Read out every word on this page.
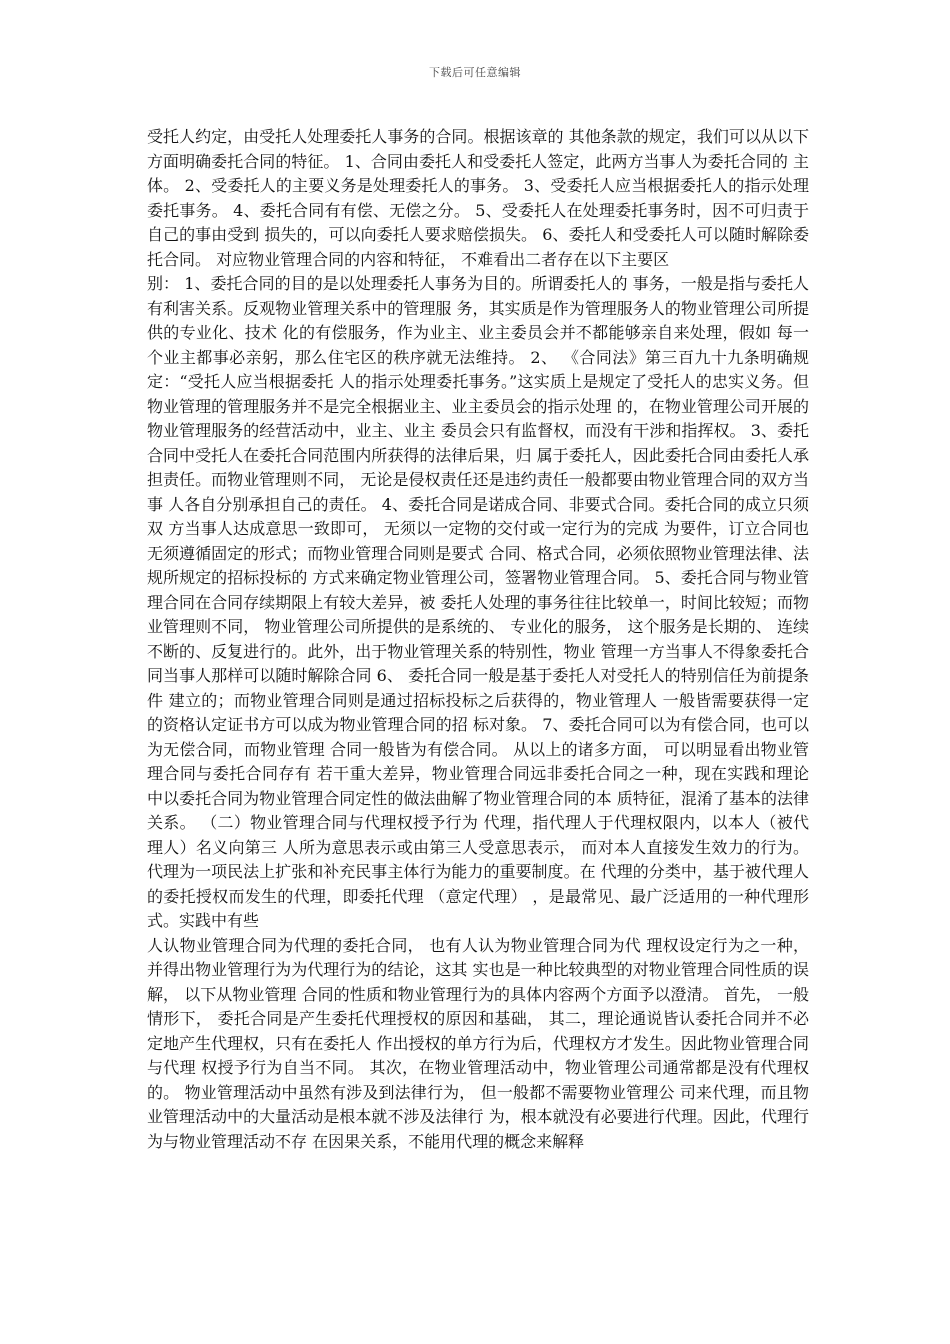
下载后可任意编辑

受托人约定，由受托人处理委托人事务的合同。根据该章的 其他条款的规定，我们可以从以下方面明确委托合同的特征。 1、合同由委托人和受委托人签定，此两方当事人为委托合同的 主体。 2、受委托人的主要义务是处理委托人的事务。 3、受委托人应当根据委托人的指示处理委托事务。 4、委托合同有有偿、无偿之分。 5、受委托人在处理委托事务时，因不可归责于自己的事由受到 损失的，可以向委托人要求赔偿损失。 6、委托人和受委托人可以随时解除委托合同。 对应物业管理合同的内容和特征， 不难看出二者存在以下主要区

别： 1、委托合同的目的是以处理委托人事务为目的。所谓委托人的 事务，一般是指与委托人有利害关系。反观物业管理关系中的管理服 务，其实质是作为管理服务人的物业管理公司所提供的专业化、技术 化的有偿服务，作为业主、业主委员会并不都能够亲自来处理，假如 每一个业主都事必亲躬，那么住宅区的秩序就无法维持。 2、 《合同法》第三百九十九条明确规定：“受托人应当根据委托 人的指示处理委托事务。”这实质上是规定了受托人的忠实义务。但 物业管理的管理服务并不是完全根据业主、业主委员会的指示处理 的，在物业管理公司开展的物业管理服务的经营活动中，业主、业主 委员会只有监督权，而没有干涉和指挥权。 3、委托合同中受托人在委托合同范围内所获得的法律后果，归 属于委托人，因此委托合同由委托人承担责任。而物业管理则不同， 无论是侵权责任还是违约责任一般都要由物业管理合同的双方当事 人各自分别承担自己的责任。 4、委托合同是诺成合同、非要式合同。委托合同的成立只须双 方当事人达成意思一致即可， 无须以一定物的交付或一定行为的完成 为要件，订立合同也无须遵循固定的形式；而物业管理合同则是要式 合同、格式合同，必须依照物业管理法律、法规所规定的招标投标的 方式来确定物业管理公司，签署物业管理合同。 5、委托合同与物业管理合同在合同存续期限上有较大差异，被 委托人处理的事务往往比较单一，时间比较短；而物业管理则不同， 物业管理公司所提供的是系统的、 专业化的服务， 这个服务是长期的、 连续不断的、反复进行的。此外，出于物业管理关系的特别性，物业 管理一方当事人不得象委托合同当事人那样可以随时解除合同 6、 委托合同一般是基于委托人对受托人的特别信任为前提条件 建立的；而物业管理合同则是通过招标投标之后获得的，物业管理人 一般皆需要获得一定的资格认定证书方可以成为物业管理合同的招 标对象。 7、委托合同可以为有偿合同，也可以为无偿合同，而物业管理 合同一般皆为有偿合同。 从以上的诸多方面， 可以明显看出物业管理合同与委托合同存有 若干重大差异，物业管理合同远非委托合同之一种，现在实践和理论 中以委托合同为物业管理合同定性的做法曲解了物业管理合同的本 质特征，混淆了基本的法律关系。 （二）物业管理合同与代理权授予行为 代理，指代理人于代理权限内，以本人（被代理人）名义向第三 人所为意思表示或由第三人受意思表示， 而对本人直接发生效力的行为。代理为一项民法上扩张和补充民事主体行为能力的重要制度。在 代理的分类中，基于被代理人的委托授权而发生的代理，即委托代理 （意定代理） ，是最常见、最广泛适用的一种代理形式。实践中有些

人认物业管理合同为代理的委托合同， 也有人认为物业管理合同为代 理权设定行为之一种，并得出物业管理行为为代理行为的结论，这其 实也是一种比较典型的对物业管理合同性质的误解， 以下从物业管理 合同的性质和物业管理行为的具体内容两个方面予以澄清。 首先， 一般情形下， 委托合同是产生委托代理授权的原因和基础， 其二，理论通说皆认委托合同并不必定地产生代理权，只有在委托人 作出授权的单方行为后，代理权方才发生。因此物业管理合同与代理 权授予行为自当不同。 其次，在物业管理活动中，物业管理公司通常都是没有代理权的。 物业管理活动中虽然有涉及到法律行为， 但一般都不需要物业管理公 司来代理，而且物业管理活动中的大量活动是根本就不涉及法律行 为，根本就没有必要进行代理。因此，代理行为与物业管理活动不存 在因果关系，不能用代理的概念来解释
